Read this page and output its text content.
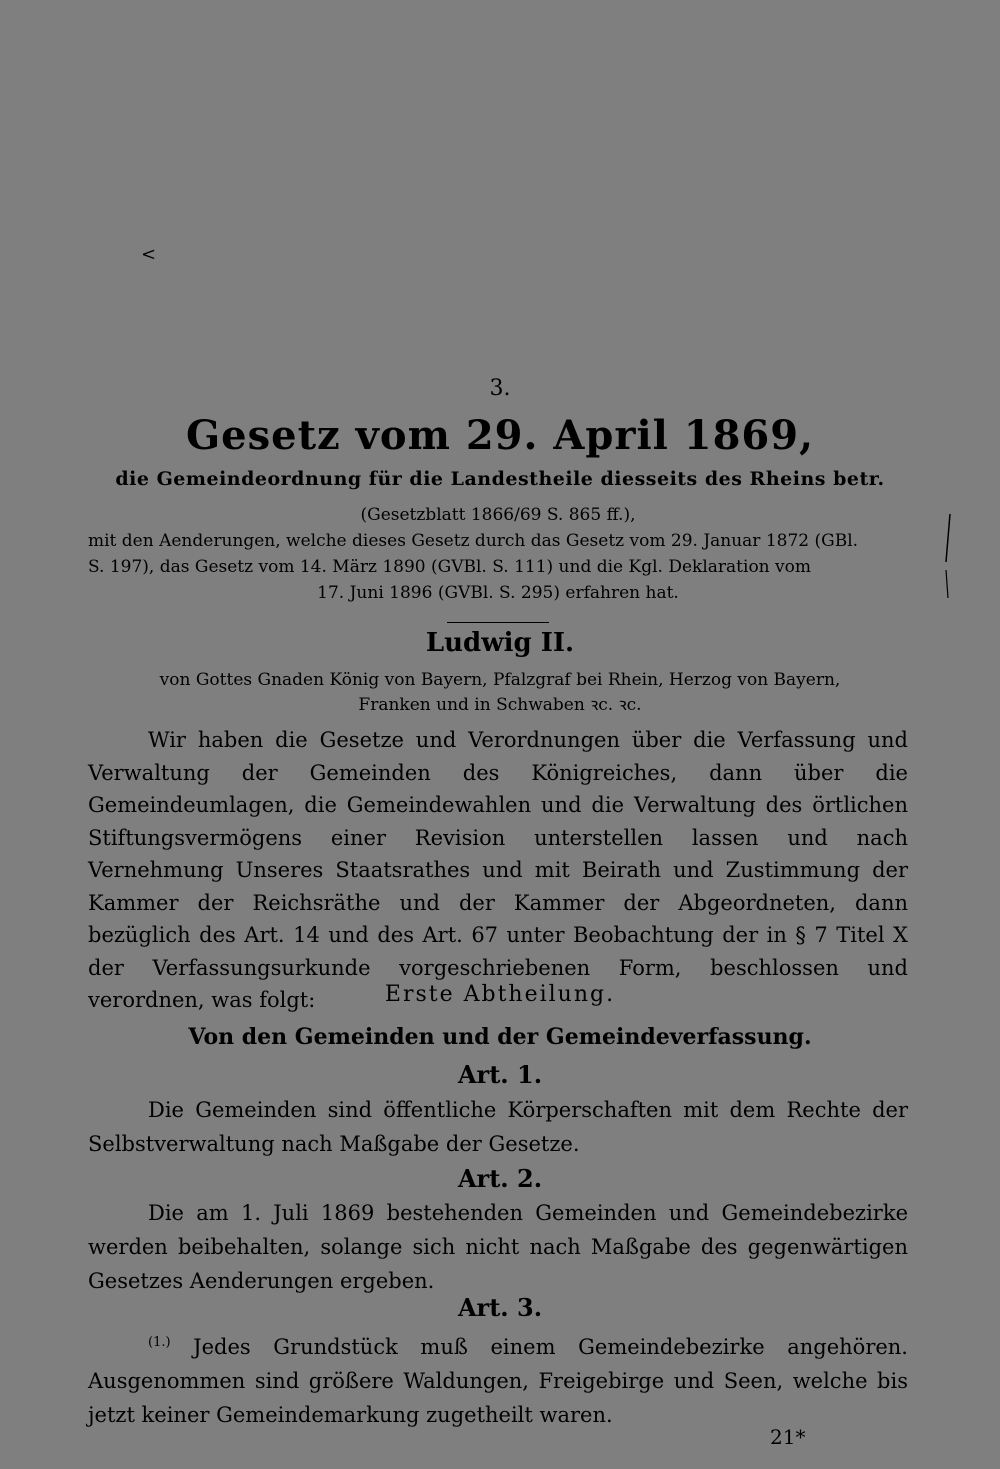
<
3.
Gesetz vom 29. April 1869,
die Gemeindeordnung für die Landestheile diesseits des Rheins betr.
(Gesetzblatt 1866/69 S. 865 ff.),
mit den Aenderungen, welche dieses Gesetz durch das Gesetz vom 29. Januar 1872 (GBl.
S. 197), das Gesetz vom 14. März 1890 (GVBl. S. 111) und die Kgl. Deklaration vom
17. Juni 1896 (GVBl. S. 295) erfahren hat.
Ludwig II.
von Gottes Gnaden König von Bayern, Pfalzgraf bei Rhein, Herzog von Bayern,
Franken und in Schwaben ꝛc. ꝛc.
Wir haben die Gesetze und Verordnungen über die Verfassung und Verwaltung der Gemeinden des Königreiches, dann über die Gemeindeumlagen, die Gemeindewahlen und die Verwaltung des örtlichen Stiftungsvermögens einer Revision unterstellen lassen und nach Vernehmung Unseres Staatsrathes und mit Beirath und Zustimmung der Kammer der Reichsräthe und der Kammer der Abgeordneten, dann bezüglich des Art. 14 und des Art. 67 unter Beobachtung der in § 7 Titel X der Verfassungsurkunde vorgeschriebenen Form, beschlossen und verordnen, was folgt:	Erste Abtheilung.
Von den Gemeinden und der Gemeindeverfassung.
Art. 1.
Die Gemeinden sind öffentliche Körperschaften mit dem Rechte der Selbstverwaltung nach Maßgabe der Gesetze.
Art. 2.
Die am 1. Juli 1869 bestehenden Gemeinden und Gemeindebezirke werden beibehalten, solange sich nicht nach Maßgabe des gegenwärtigen Gesetzes Aenderungen ergeben.
Art. 3.
$^{(1.)}$ Jedes Grundstück muß einem Gemeindebezirke angehören. Ausgenommen sind größere Waldungen, Freigebirge und Seen, welche bis jetzt keiner Gemeindemarkung zugetheilt waren.
21*
